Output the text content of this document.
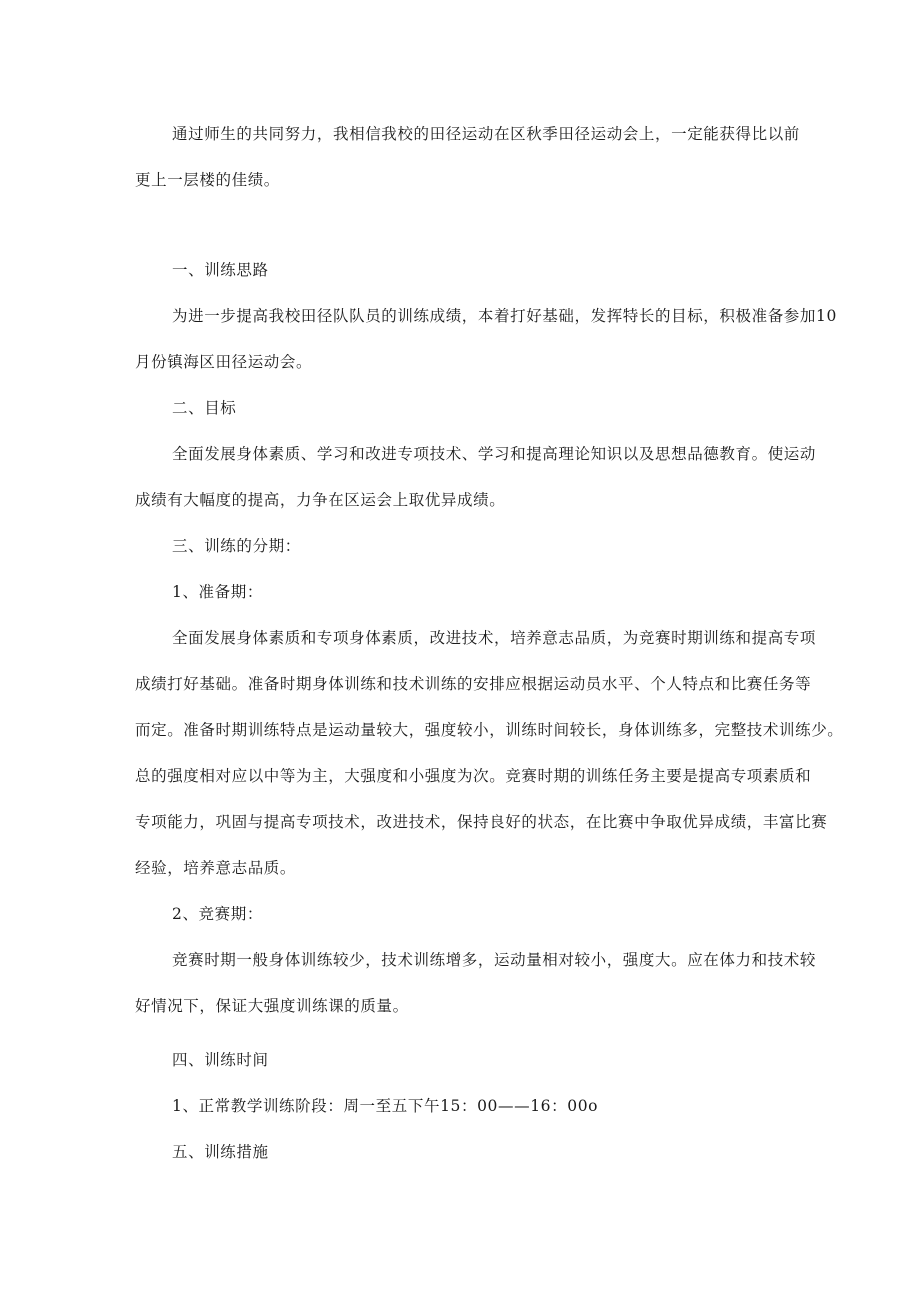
通过师生的共同努力，我相信我校的田径运动在区秋季田径运动会上，一定能获得比以前
更上一层楼的佳绩。
一、训练思路
为进一步提高我校田径队队员的训练成绩，本着打好基础，发挥特长的目标，积极准备参加10
月份镇海区田径运动会。
二、目标
全面发展身体素质、学习和改进专项技术、学习和提高理论知识以及思想品德教育。使运动
成绩有大幅度的提高，力争在区运会上取优异成绩。
三、训练的分期：
1、准备期：
全面发展身体素质和专项身体素质，改进技术，培养意志品质，为竞赛时期训练和提高专项
成绩打好基础。准备时期身体训练和技术训练的安排应根据运动员水平、个人特点和比赛任务等
而定。准备时期训练特点是运动量较大，强度较小，训练时间较长，身体训练多，完整技术训练少。
总的强度相对应以中等为主，大强度和小强度为次。竞赛时期的训练任务主要是提高专项素质和
专项能力，巩固与提高专项技术，改进技术，保持良好的状态，在比赛中争取优异成绩，丰富比赛
经验，培养意志品质。
2、竞赛期：
竞赛时期一般身体训练较少，技术训练增多，运动量相对较小，强度大。应在体力和技术较
好情况下，保证大强度训练课的质量。
四、训练时间
1、正常教学训练阶段：周一至五下午15：00——16：00o
五、训练措施
